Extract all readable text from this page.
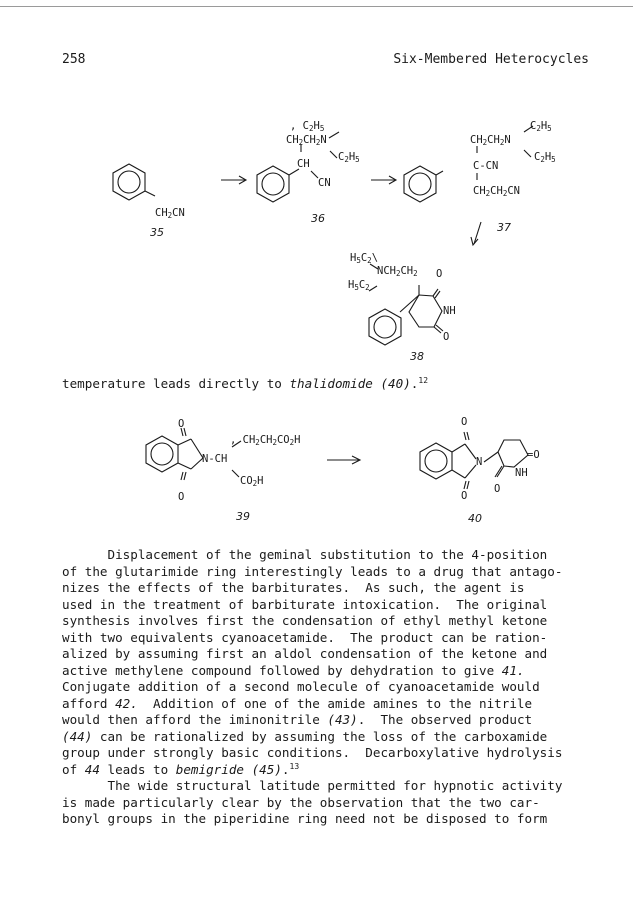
258	Six-Membered Heterocycles
$CH_2CN$
35
, $C_2H_5$
$CH_2CH_2N$
$C_2H_5$
CH
CN
36
$C_2H_5$
$CH_2CH_2N$
$C_2H_5$
C-CN
$CH_2CH_2CN$
37
$H_5C_2\backslash$
$NCH_2CH_2$ O
$H_5C_2$
NH
O
38
temperature leads directly to thalidomide (40).$^{12}$
O
, $CH_2CH_2CO_2H$
N-CH
$CO_2H$
O
39
O
N
=O
NH
O
O
40
Displacement of the geminal substitution to the 4-position
of the glutarimide ring interestingly leads to a drug that antago-
nizes the effects of the barbiturates.  As such, the agent is
used in the treatment of barbiturate intoxication.  The original
synthesis involves first the condensation of ethyl methyl ketone
with two equivalents cyanoacetamide.  The product can be ration-
alized by assuming first an aldol condensation of the ketone and
active methylene compound followed by dehydration to give 41.
Conjugate addition of a second molecule of cyanoacetamide would
afford 42.  Addition of one of the amide amines to the nitrile
would then afford the iminonitrile (43).  The observed product
(44) can be rationalized by assuming the loss of the carboxamide
group under strongly basic conditions.  Decarboxylative hydrolysis
of 44 leads to bemigride (45).$^{13}$
The wide structural latitude permitted for hypnotic activity
is made particularly clear by the observation that the two car-
bonyl groups in the piperidine ring need not be disposed to form
